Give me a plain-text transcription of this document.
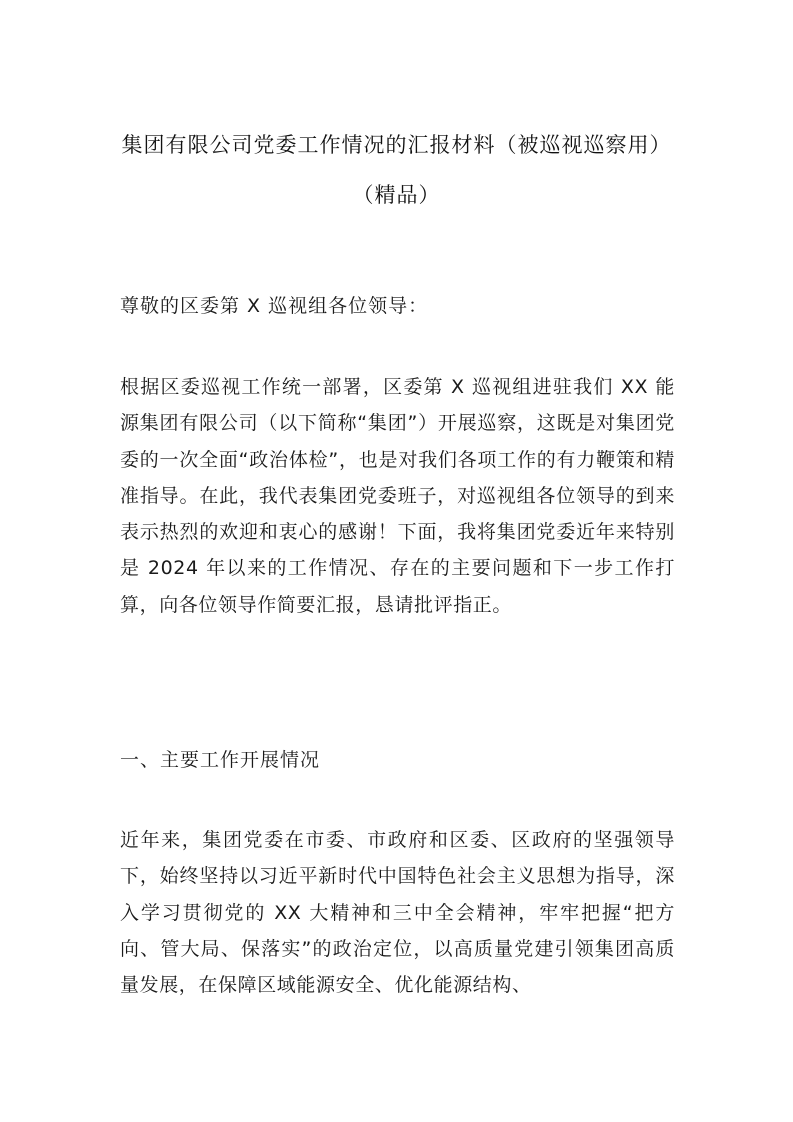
集团有限公司党委工作情况的汇报材料（被巡视巡察用）（精品）

尊敬的区委第 X 巡视组各位领导：

根据区委巡视工作统一部署，区委第 X 巡视组进驻我们 XX 能源集团有限公司（以下简称“集团”）开展巡察，这既是对集团党委的一次全面“政治体检”，也是对我们各项工作的有力鞭策和精准指导。在此，我代表集团党委班子，对巡视组各位领导的到来表示热烈的欢迎和衷心的感谢！下面，我将集团党委近年来特别是 2024 年以来的工作情况、存在的主要问题和下一步工作打算，向各位领导作简要汇报，恳请批评指正。

一、主要工作开展情况

近年来，集团党委在市委、市政府和区委、区政府的坚强领导下，始终坚持以习近平新时代中国特色社会主义思想为指导，深入学习贯彻党的 XX 大精神和三中全会精神，牢牢把握“把方向、管大局、保落实”的政治定位，以高质量党建引领集团高质量发展，在保障区域能源安全、优化能源结构、
